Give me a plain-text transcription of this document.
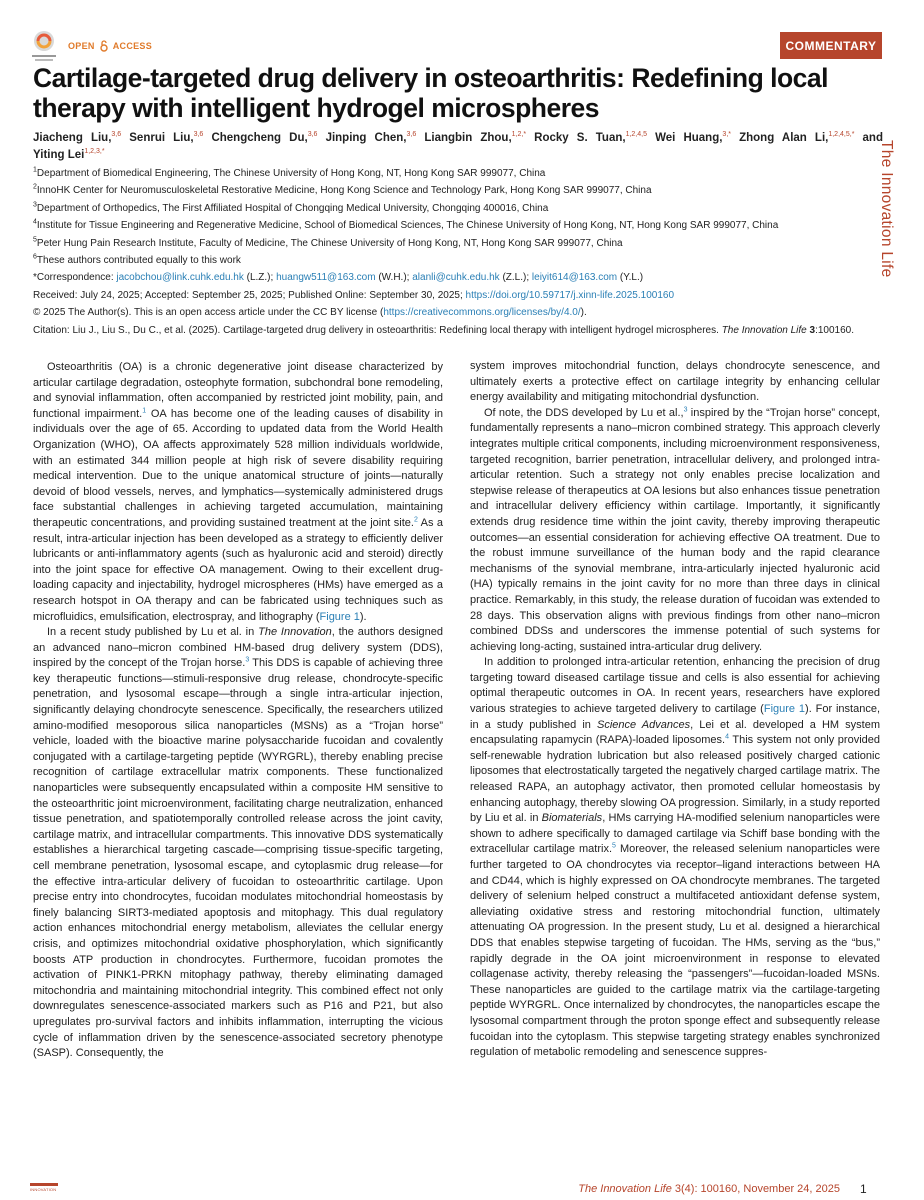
OPEN ACCESS	COMMENTARY
Cartilage-targeted drug delivery in osteoarthritis: Redefining local therapy with intelligent hydrogel microspheres
Jiacheng Liu,$^{3,6}$ Senrui Liu,$^{3,6}$ Chengcheng Du,$^{3,6}$ Jinping Chen,$^{3,6}$ Liangbin Zhou,$^{1,2,*}$ Rocky S. Tuan,$^{1,2,4,5}$ Wei Huang,$^{3,*}$ Zhong Alan Li,$^{1,2,4,5,*}$ and
Yiting Lei$^{1,2,3,*}$
$^1$Department of Biomedical Engineering, The Chinese University of Hong Kong, NT, Hong Kong SAR 999077, China
$^2$InnoHK Center for Neuromusculoskeletal Restorative Medicine, Hong Kong Science and Technology Park, Hong Kong SAR 999077, China
$^3$Department of Orthopedics, The First Affiliated Hospital of Chongqing Medical University, Chongqing 400016, China
$^4$Institute for Tissue Engineering and Regenerative Medicine, School of Biomedical Sciences, The Chinese University of Hong Kong, NT, Hong Kong SAR 999077, China
$^5$Peter Hung Pain Research Institute, Faculty of Medicine, The Chinese University of Hong Kong, NT, Hong Kong SAR 999077, China
$^6$These authors contributed equally to this work
*Correspondence: jacobchou@link.cuhk.edu.hk (L.Z.); huangw511@163.com (W.H.); alanli@cuhk.edu.hk (Z.L.); leiyit614@163.com (Y.L.)
Received: July 24, 2025; Accepted: September 25, 2025; Published Online: September 30, 2025; https://doi.org/10.59717/j.xinn-life.2025.100160
© 2025 The Author(s). This is an open access article under the CC BY license (https://creativecommons.org/licenses/by/4.0/).
Citation: Liu J., Liu S., Du C., et al. (2025). Cartilage-targeted drug delivery in osteoarthritis: Redefining local therapy with intelligent hydrogel microspheres. The Innovation Life 3:100160.
The Innovation Life

Osteoarthritis (OA) is a chronic degenerative joint disease characterized by articular cartilage degradation, osteophyte formation, subchondral bone remodeling, and synovial inflammation, often accompanied by restricted joint mobility, pain, and functional impairment.$^1$ OA has become one of the leading causes of disability in individuals over the age of 65. According to updated data from the World Health Organization (WHO), OA affects approximately 528 million individuals worldwide, with an estimated 344 million people at high risk of severe disability requiring medical intervention. Due to the unique anatomical structure of joints—naturally devoid of blood vessels, nerves, and lymphatics—systemically administered drugs face substantial challenges in achieving targeted accumulation, maintaining therapeutic concentrations, and providing sustained treatment at the joint site.$^2$ As a result, intra-articular injection has been developed as a strategy to efficiently deliver lubricants or anti-inflammatory agents (such as hyaluronic acid and steroid) directly into the joint space for effective OA management. Owing to their excellent drug-loading capacity and injectability, hydrogel microspheres (HMs) have emerged as a research hotspot in OA therapy and can be fabricated using techniques such as microfluidics, emulsification, electrospray, and lithography (Figure 1).

In a recent study published by Lu et al. in The Innovation, the authors designed an advanced nano–micron combined HM-based drug delivery system (DDS), inspired by the concept of the Trojan horse.$^3$ This DDS is capable of achieving three key therapeutic functions—stimuli-responsive drug release, chondrocyte-specific penetration, and lysosomal escape—through a single intra-articular injection, significantly delaying chondrocyte senescence. Specifically, the researchers utilized amino-modified mesoporous silica nanoparticles (MSNs) as a “Trojan horse” vehicle, loaded with the bioactive marine polysaccharide fucoidan and covalently conjugated with a cartilage-targeting peptide (WYRGRL), thereby enabling precise recognition of cartilage extracellular matrix components. These functionalized nanoparticles were subsequently encapsulated within a composite HM sensitive to the osteoarthritic joint microenvironment, facilitating charge neutralization, enhanced tissue penetration, and spatiotemporally controlled release across the joint cavity, cartilage matrix, and intracellular compartments. This innovative DDS systematically establishes a hierarchical targeting cascade—comprising tissue-specific targeting, cell membrane penetration, lysosomal escape, and cytoplasmic drug release—for the effective intra-articular delivery of fucoidan to osteoarthritic cartilage. Upon precise entry into chondrocytes, fucoidan modulates mitochondrial homeostasis by finely balancing SIRT3-mediated apoptosis and mitophagy. This dual regulatory action enhances mitochondrial energy metabolism, alleviates the cellular energy crisis, and optimizes mitochondrial oxidative phosphorylation, which significantly boosts ATP production in chondrocytes. Furthermore, fucoidan promotes the activation of PINK1-PRKN mitophagy pathway, thereby eliminating damaged mitochondria and maintaining mitochondrial integrity. This combined effect not only downregulates senescence-associated markers such as P16 and P21, but also upregulates pro-survival factors and inhibits inflammation, interrupting the vicious cycle of inflammation driven by the senescence-associated secretory phenotype (SASP). Consequently, the

system improves mitochondrial function, delays chondrocyte senescence, and ultimately exerts a protective effect on cartilage integrity by enhancing cellular energy availability and mitigating mitochondrial dysfunction.

Of note, the DDS developed by Lu et al.,$^3$ inspired by the “Trojan horse” concept, fundamentally represents a nano–micron combined strategy. This approach cleverly integrates multiple critical components, including microenvironment responsiveness, targeted recognition, barrier penetration, intracellular delivery, and prolonged intra-articular retention. Such a strategy not only enables precise localization and stepwise release of therapeutics at OA lesions but also enhances tissue penetration and intracellular delivery efficiency within cartilage. Importantly, it significantly extends drug residence time within the joint cavity, thereby improving therapeutic outcomes—an essential consideration for achieving effective OA treatment. Due to the robust immune surveillance of the human body and the rapid clearance mechanisms of the synovial membrane, intra-articularly injected hyaluronic acid (HA) typically remains in the joint cavity for no more than three days in clinical practice. Remarkably, in this study, the release duration of fucoidan was extended to 28 days. This observation aligns with previous findings from other nano–micron combined DDSs and underscores the immense potential of such systems for achieving long-acting, sustained intra-articular drug delivery.

In addition to prolonged intra-articular retention, enhancing the precision of drug targeting toward diseased cartilage tissue and cells is also essential for achieving optimal therapeutic outcomes in OA. In recent years, researchers have explored various strategies to achieve targeted delivery to cartilage (Figure 1). For instance, in a study published in Science Advances, Lei et al. developed a HM system encapsulating rapamycin (RAPA)-loaded liposomes.$^4$ This system not only provided self-renewable hydration lubrication but also released positively charged cationic liposomes that electrostatically targeted the negatively charged cartilage matrix. The released RAPA, an autophagy activator, then promoted cellular homeostasis by enhancing autophagy, thereby slowing OA progression. Similarly, in a study reported by Liu et al. in Biomaterials, HMs carrying HA-modified selenium nanoparticles were shown to adhere specifically to damaged cartilage via Schiff base bonding with the extracellular cartilage matrix.$^5$ Moreover, the released selenium nanoparticles were further targeted to OA chondrocytes via receptor–ligand interactions between HA and CD44, which is highly expressed on OA chondrocyte membranes. The targeted delivery of selenium helped construct a multifaceted antioxidant defense system, alleviating oxidative stress and restoring mitochondrial function, ultimately attenuating OA progression. In the present study, Lu et al. designed a hierarchical DDS that enables stepwise targeting of fucoidan. The HMs, serving as the “bus,” rapidly degrade in the OA joint microenvironment in response to elevated collagenase activity, thereby releasing the “passengers”—fucoidan-loaded MSNs. These nanoparticles are guided to the cartilage matrix via the cartilage-targeting peptide WYRGRL. Once internalized by chondrocytes, the nanoparticles escape the lysosomal compartment through the proton sponge effect and subsequently release fucoidan into the cytoplasm. This stepwise targeting strategy enables synchronized regulation of metabolic remodeling and senescence suppres-

INNOVATION	The Innovation Life 3(4): 100160, November 24, 2025 1
